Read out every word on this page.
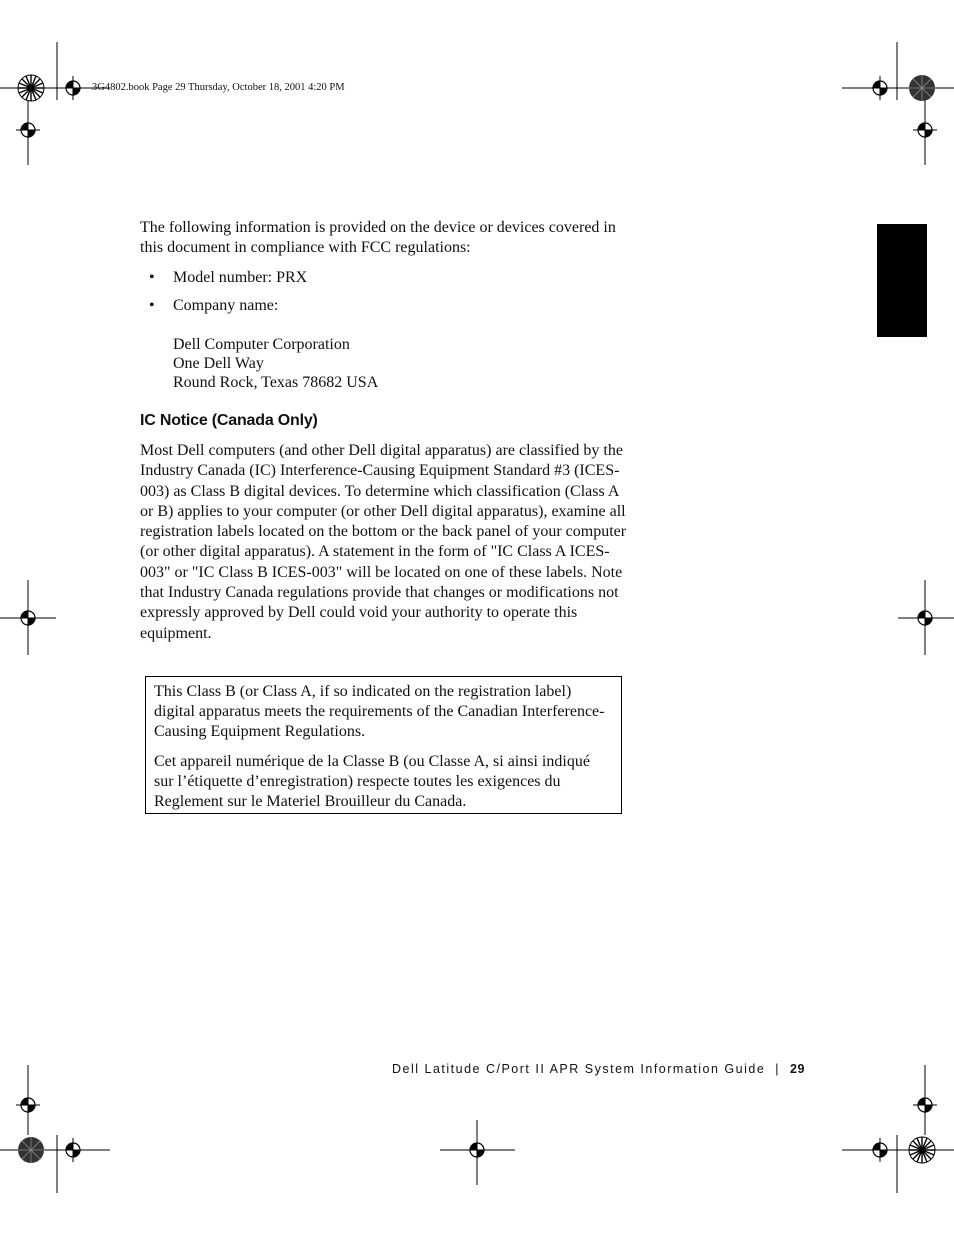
3G4802.book Page 29 Thursday, October 18, 2001 4:20 PM
The following information is provided on the device or devices covered in this document in compliance with FCC regulations:
• Model number: PRX
• Company name:
Dell Computer Corporation
One Dell Way
Round Rock, Texas 78682 USA
IC Notice (Canada Only)
Most Dell computers (and other Dell digital apparatus) are classified by the Industry Canada (IC) Interference-Causing Equipment Standard #3 (ICES-003) as Class B digital devices. To determine which classification (Class A or B) applies to your computer (or other Dell digital apparatus), examine all registration labels located on the bottom or the back panel of your computer (or other digital apparatus). A statement in the form of "IC Class A ICES-003" or "IC Class B ICES-003" will be located on one of these labels. Note that Industry Canada regulations provide that changes or modifications not expressly approved by Dell could void your authority to operate this equipment.

This Class B (or Class A, if so indicated on the registration label) digital apparatus meets the requirements of the Canadian Interference-Causing Equipment Regulations.

Cet appareil numérique de la Classe B (ou Classe A, si ainsi indiqué sur l’étiquette d’enregistration) respecte toutes les exigences du Reglement sur le Materiel Brouilleur du Canada.

Dell Latitude C/Port II APR System Information Guide | 29
